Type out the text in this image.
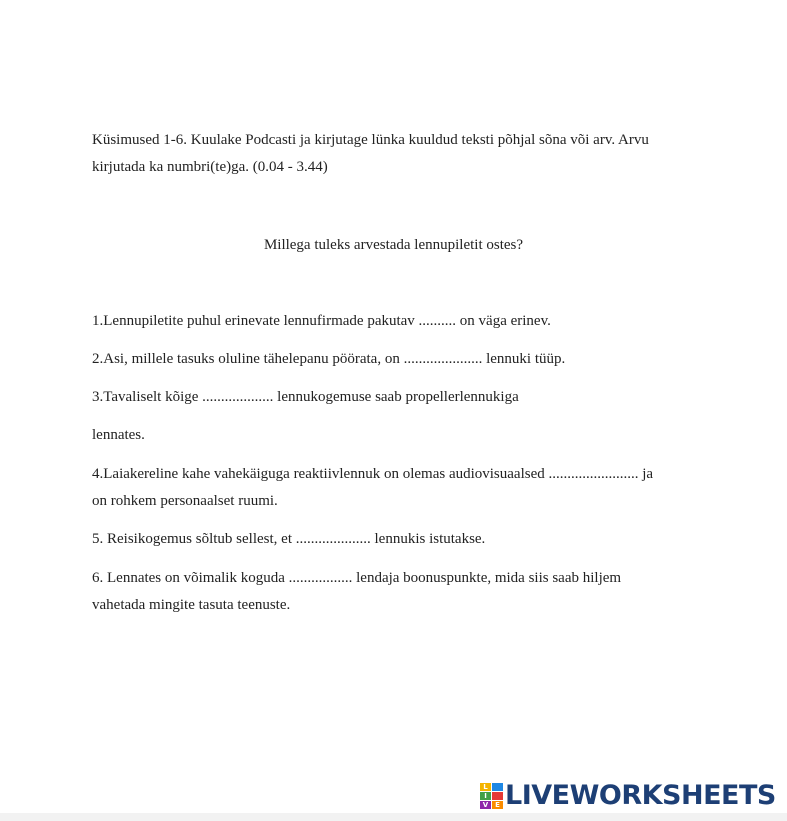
Küsimused 1-6. Kuulake Podcasti ja kirjutage lünka kuuldud teksti põhjal sõna või arv. Arvu
kirjutada ka numbri(te)ga. (0.04 - 3.44)
Millega tuleks arvestada lennupiletit ostes?
1.Lennupiletite puhul erinevate lennufirmade pakutav .......... on väga erinev.
2.Asi, millele tasuks oluline tähelepanu pöörata, on ..................... lennuki tüüp.
3.Tavaliselt kõige ................... lennukogemuse saab propellerlennukiga
lennates.
4.Laiakereline kahe vahekäiguga reaktiivlennuk on olemas audiovisuaalsed ........................ ja
on rohkem personaalset ruumi.
5. Reisikogemus sõltub sellest, et .................... lennukis istutakse.
6. Lennates on võimalik koguda ................. lendaja boonuspunkte, mida siis saab hiljem
vahetada mingite tasuta teenuste.
L
I
V E LIVEWORKSHEETS
